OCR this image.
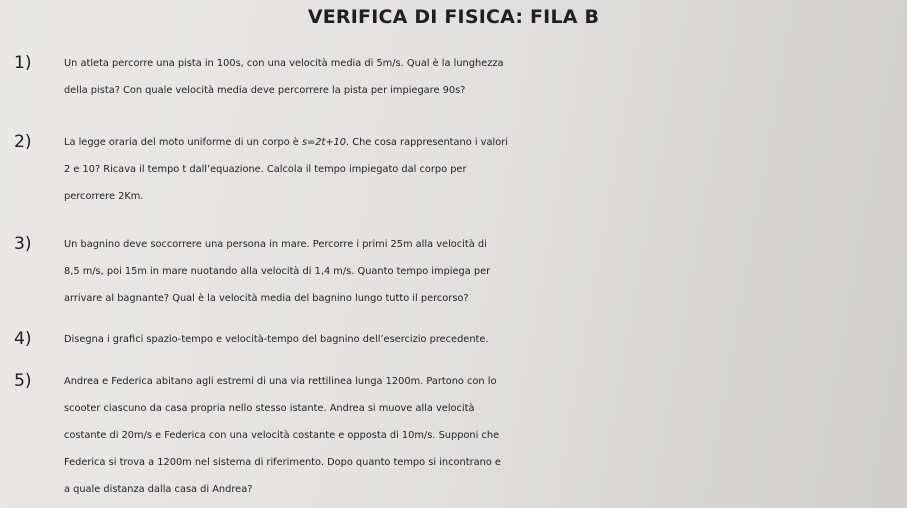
VERIFICA DI FISICA: FILA B
1)	Un atleta percorre una pista in 100s, con una velocità media di 5m/s. Qual è la lunghezza
della pista? Con quale velocità media deve percorrere la pista per impiegare 90s?
2)	La legge oraria del moto uniforme di un corpo è s=2t+10. Che cosa rappresentano i valori
2 e 10? Ricava il tempo t dall’equazione. Calcola il tempo impiegato dal corpo per
percorrere 2Km.
3)	Un bagnino deve soccorrere una persona in mare. Percorre i primi 25m alla velocità di
8,5 m/s, poi 15m in mare nuotando alla velocità di 1,4 m/s. Quanto tempo impiega per
arrivare al bagnante? Qual è la velocità media del bagnino lungo tutto il percorso?
4)	Disegna i grafici spazio-tempo e velocità-tempo del bagnino dell’esercizio precedente.
5)	Andrea e Federica abitano agli estremi di una via rettilinea lunga 1200m. Partono con lo
scooter ciascuno da casa propria nello stesso istante. Andrea si muove alla velocità
costante di 20m/s e Federica con una velocità costante e opposta di 10m/s. Supponi che
Federica si trova a 1200m nel sistema di riferimento. Dopo quanto tempo si incontrano e
a quale distanza dalla casa di Andrea?
